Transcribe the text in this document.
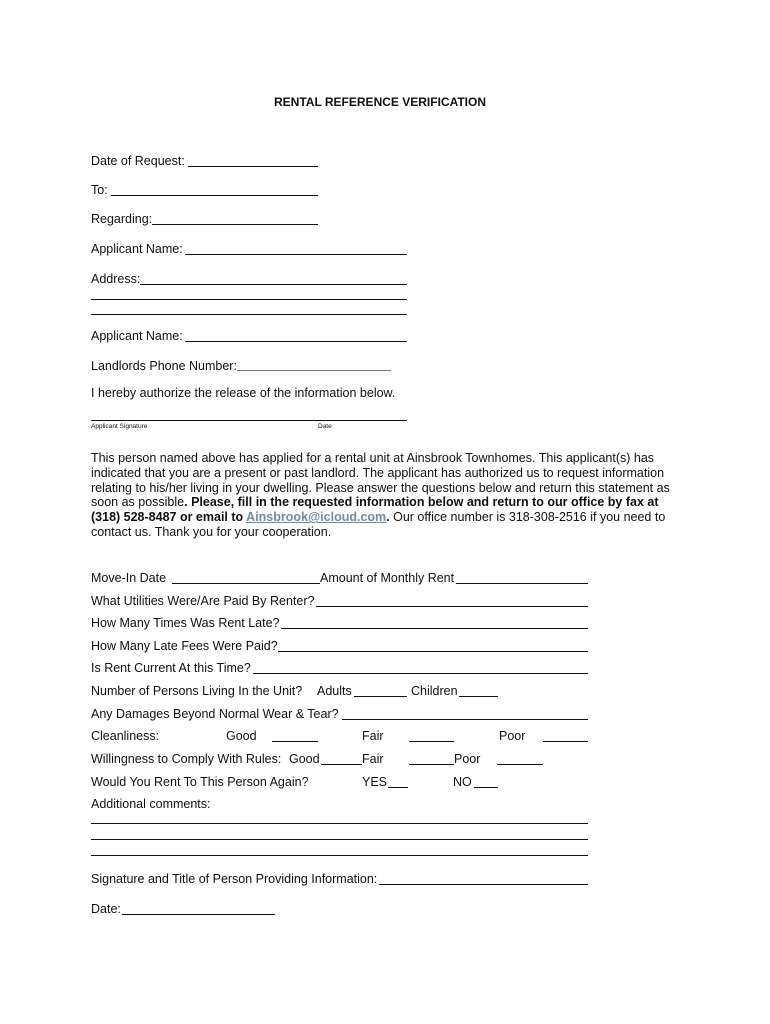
RENTAL REFERENCE VERIFICATION
Date of Request:
To:
Regarding:
Applicant Name:
Address:
Applicant Name:
Landlords Phone Number:
I hereby authorize the release of the information below.
Applicant Signature	Date
This person named above has applied for a rental unit at Ainsbrook Townhomes. This applicant(s) has indicated that you are a present or past landlord. The applicant has authorized us to request information relating to his/her living in your dwelling. Please answer the questions below and return this statement as soon as possible. Please, fill in the requested information below and return to our office by fax at (318) 528-8487 or email to Ainsbrook@icloud.com. Our office number is 318-308-2516 if you need to contact us. Thank you for your cooperation.
Move-In Date	Amount of Monthly Rent
What Utilities Were/Are Paid By Renter?
How Many Times Was Rent Late?
How Many Late Fees Were Paid?
Is Rent Current At this Time?
Number of Persons Living In the Unit? Adults	Children
Any Damages Beyond Normal Wear & Tear?
Cleanliness:	Good	Fair	Poor
Willingness to Comply With Rules: Good	Fair	Poor
Would You Rent To This Person Again?	YES	NO
Additional comments:
Signature and Title of Person Providing Information:
Date:
